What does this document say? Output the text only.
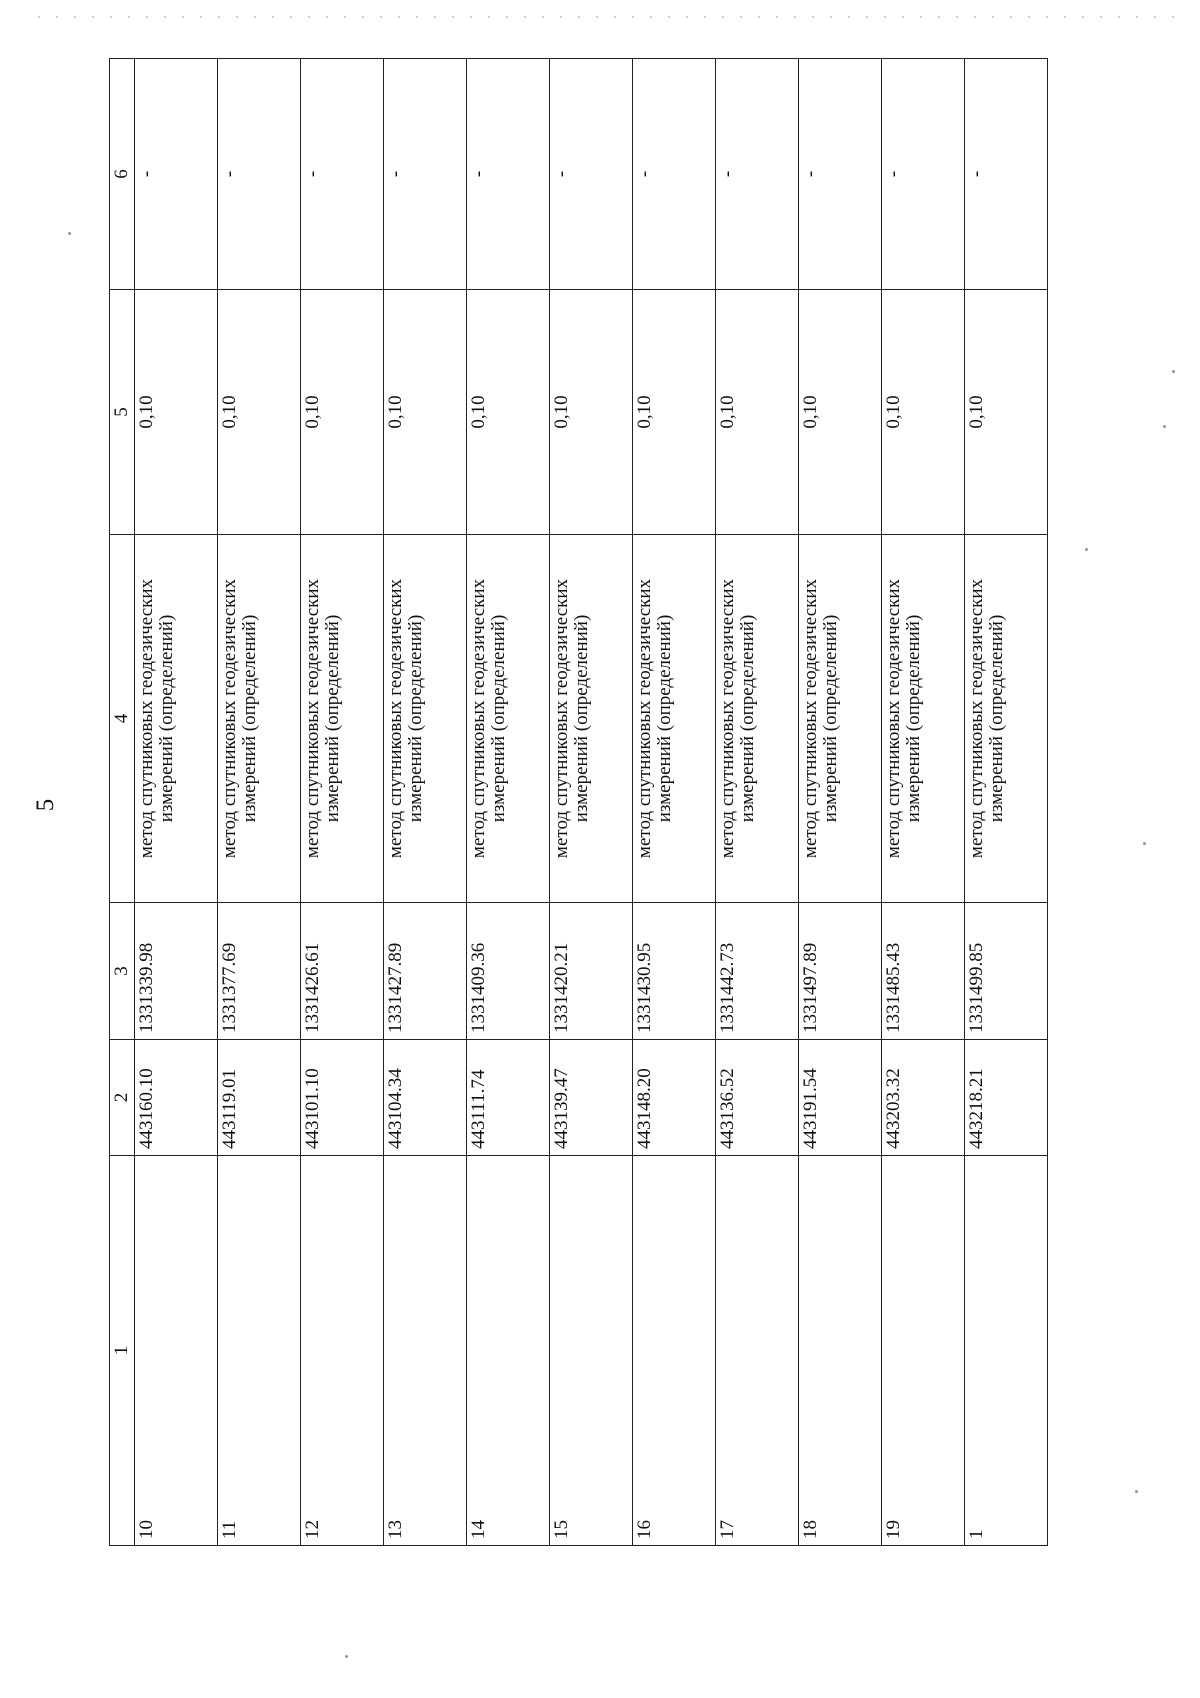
5
1	2	3	4	5	6
10	443160.10	1331339.98	метод спутниковых геодезических измерений (определений)	0,10	-
11	443119.01	1331377.69	метод спутниковых геодезических измерений (определений)	0,10	-
12	443101.10	1331426.61	метод спутниковых геодезических измерений (определений)	0,10	-
13	443104.34	1331427.89	метод спутниковых геодезических измерений (определений)	0,10	-
14	443111.74	1331409.36	метод спутниковых геодезических измерений (определений)	0,10	-
15	443139.47	1331420.21	метод спутниковых геодезических измерений (определений)	0,10	-
16	443148.20	1331430.95	метод спутниковых геодезических измерений (определений)	0,10	-
17	443136.52	1331442.73	метод спутниковых геодезических измерений (определений)	0,10	-
18	443191.54	1331497.89	метод спутниковых геодезических измерений (определений)	0,10	-
19	443203.32	1331485.43	метод спутниковых геодезических измерений (определений)	0,10	-
1	443218.21	1331499.85	метод спутниковых геодезических измерений (определений)	0,10	-
